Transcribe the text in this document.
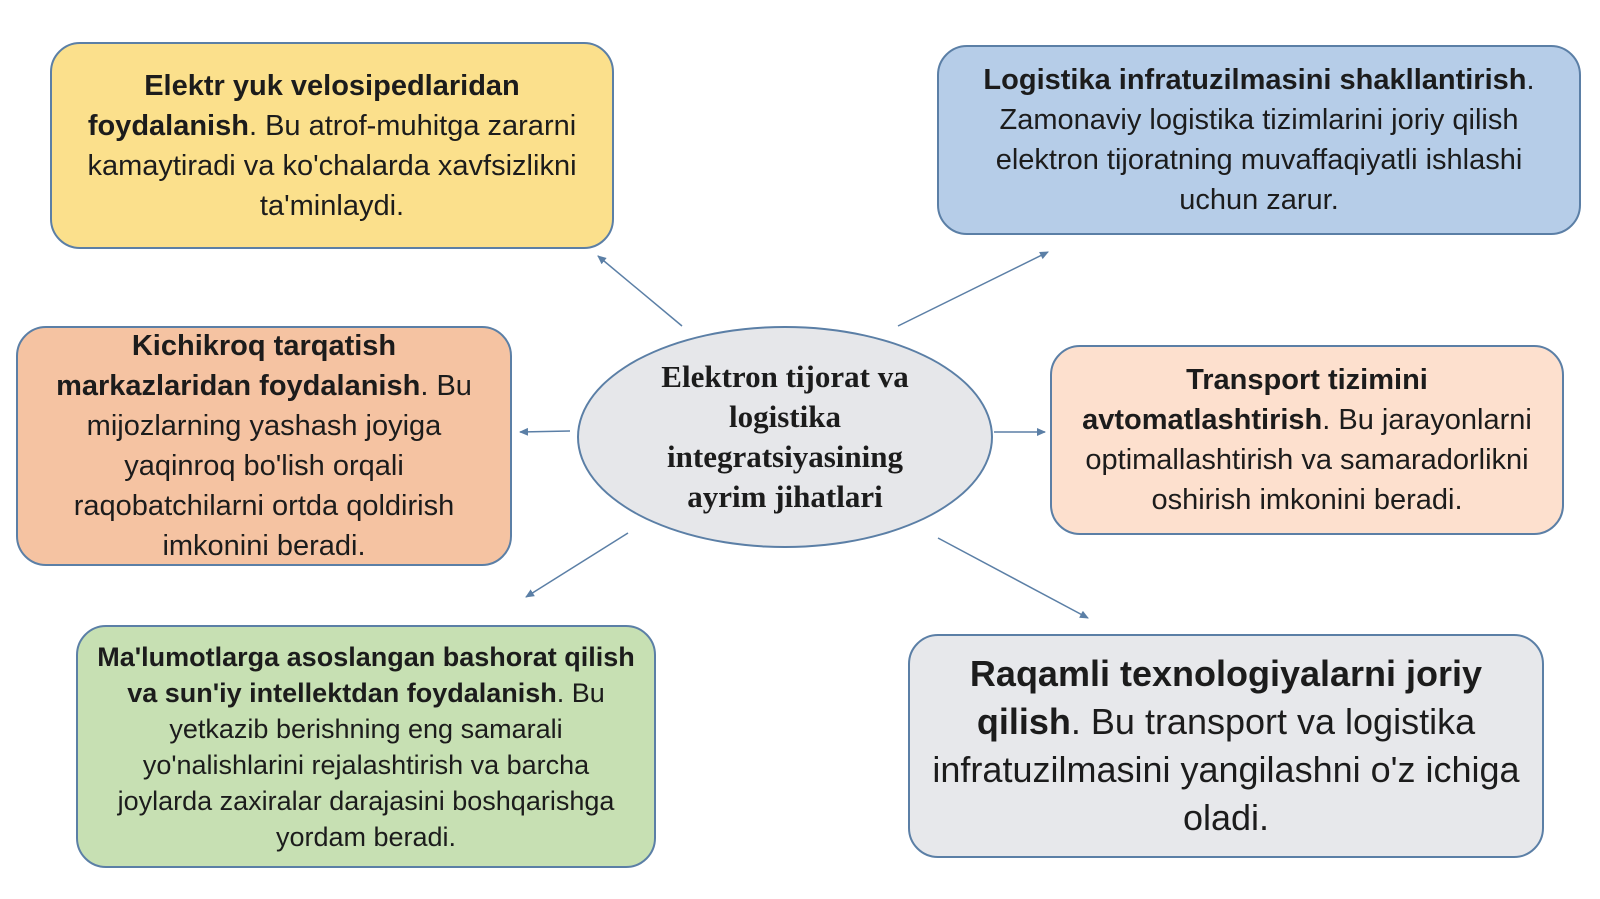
Elektron tijorat va logistika integratsiyasining ayrim jihatlari

Elektr yuk velosipedlaridan foydalanish. Bu atrof-muhitga zararni kamaytiradi va ko'chalarda xavfsizlikni ta'minlaydi.

Logistika infratuzilmasini shakllantirish. Zamonaviy logistika tizimlarini joriy qilish elektron tijoratning muvaffaqiyatli ishlashi uchun zarur.

Kichikroq tarqatish markazlaridan foydalanish. Bu mijozlarning yashash joyiga yaqinroq bo'lish orqali raqobatchilarni ortda qoldirish imkonini beradi.

Transport tizimini avtomatlashtirish. Bu jarayonlarni optimallashtirish va samaradorlikni oshirish imkonini beradi.

Ma'lumotlarga asoslangan bashorat qilish va sun'iy intellektdan foydalanish. Bu yetkazib berishning eng samarali yo'nalishlarini rejalashtirish va barcha joylarda zaxiralar darajasini boshqarishga yordam beradi.

Raqamli texnologiyalarni joriy qilish. Bu transport va logistika infratuzilmasini yangilashni o'z ichiga oladi.
